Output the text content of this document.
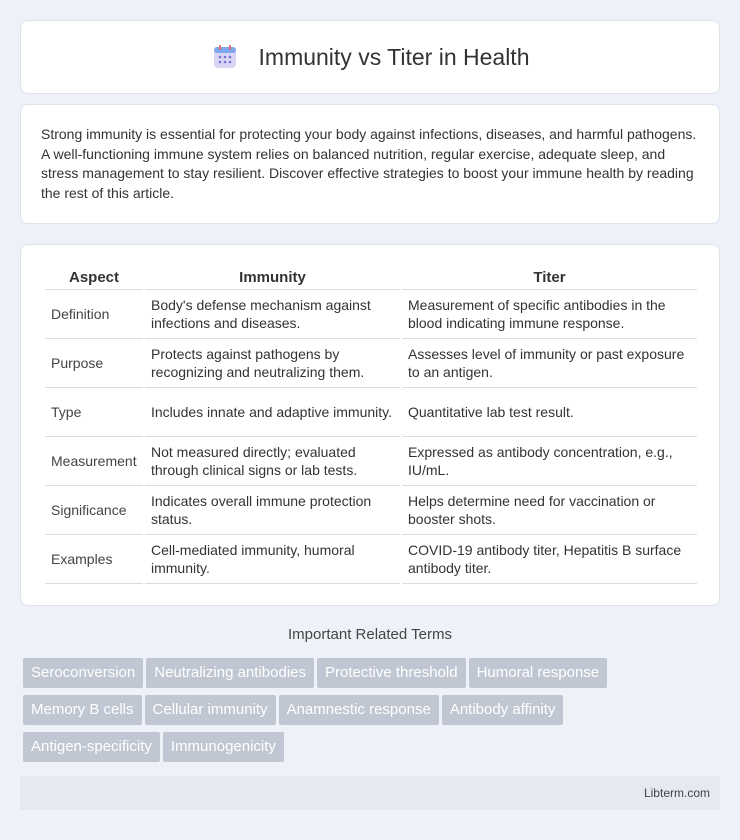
Immunity vs Titer in Health

Strong immunity is essential for protecting your body against infections, diseases, and harmful pathogens. A well-functioning immune system relies on balanced nutrition, regular exercise, adequate sleep, and stress management to stay resilient. Discover effective strategies to boost your immune health by reading the rest of this article.

Aspect	Immunity	Titer
Definition	Body's defense mechanism against infections and diseases.	Measurement of specific antibodies in the blood indicating immune response.
Purpose	Protects against pathogens by recognizing and neutralizing them.	Assesses level of immunity or past exposure to an antigen.
Type	Includes innate and adaptive immunity.	Quantitative lab test result.
Measurement	Not measured directly; evaluated through clinical signs or lab tests.	Expressed as antibody concentration, e.g., IU/mL.
Significance	Indicates overall immune protection status.	Helps determine need for vaccination or booster shots.
Examples	Cell-mediated immunity, humoral immunity.	COVID-19 antibody titer, Hepatitis B surface antibody titer.
Important Related Terms
Seroconversion Neutralizing antibodies Protective threshold Humoral response
Memory B cells Cellular immunity Anamnestic response Antibody affinity
Antigen-specificity Immunogenicity
Libterm.com
